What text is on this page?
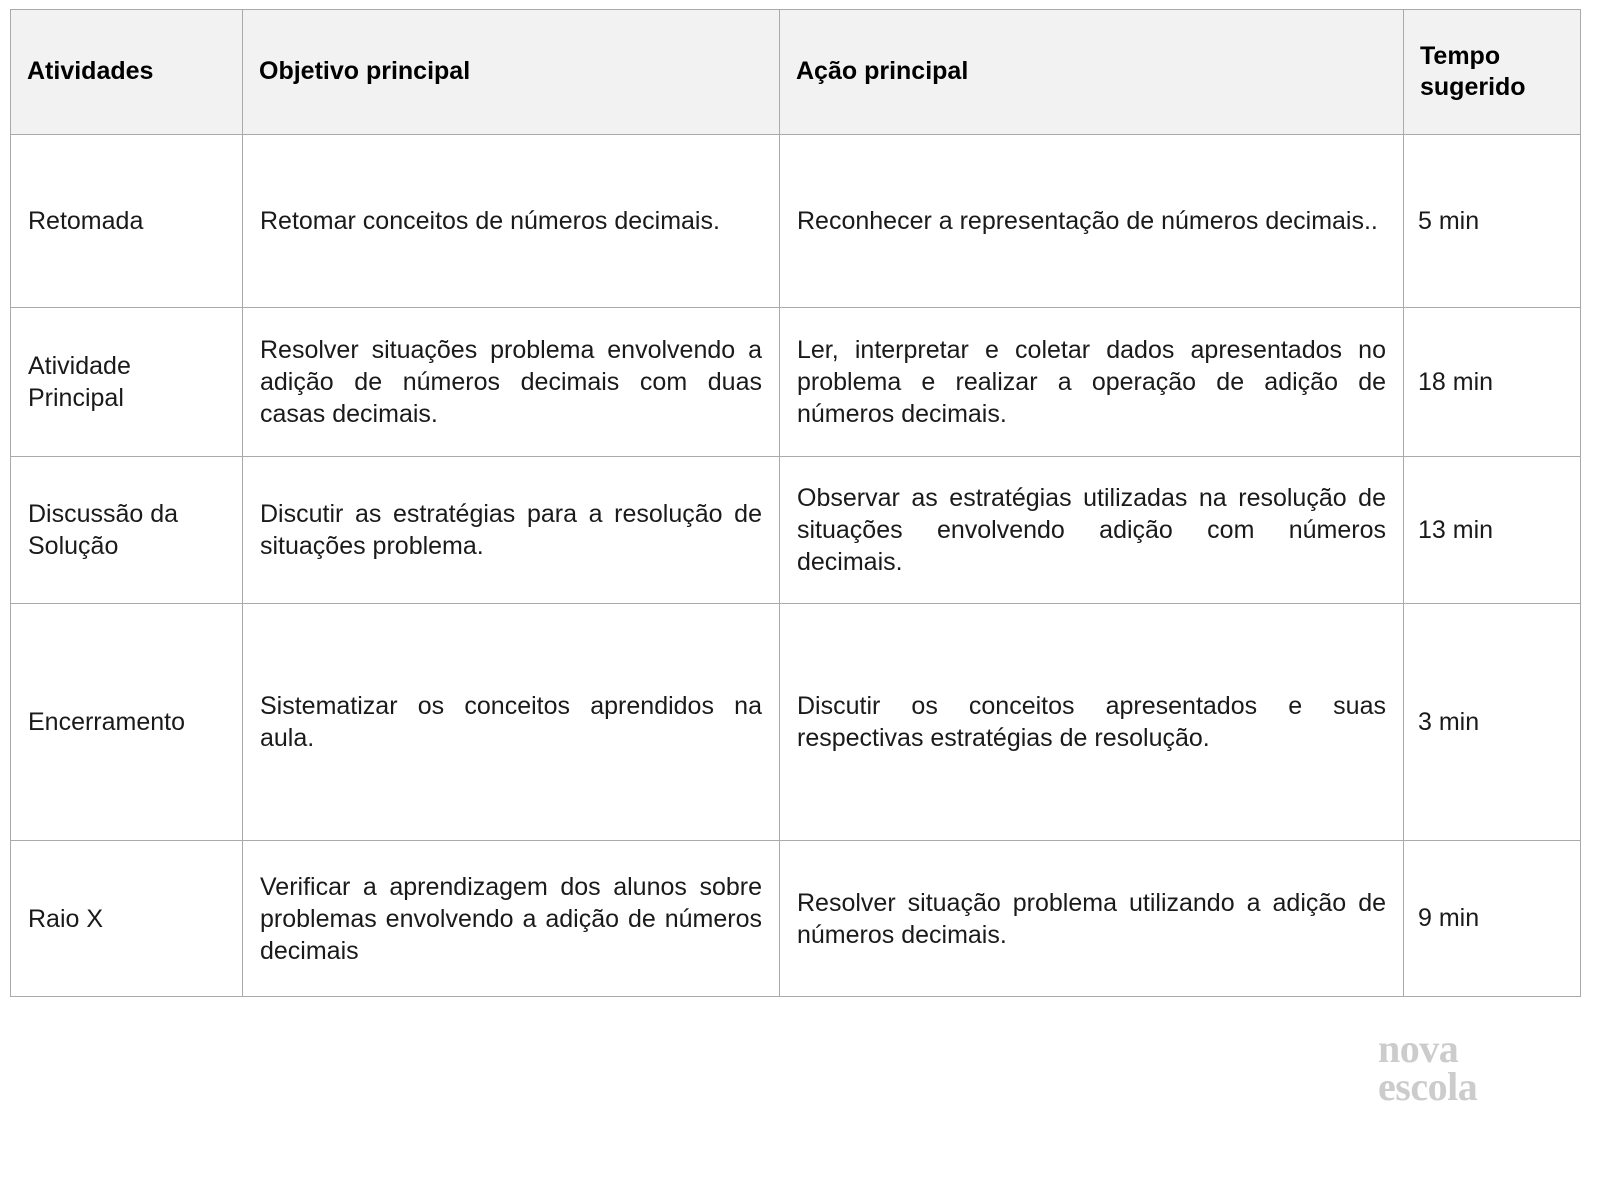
Atividades	Objetivo principal	Ação principal	Tempo sugerido

Retomada	Retomar conceitos de números decimais.	Reconhecer a representação de números decimais..	5 min

Atividade Principal	Resolver situações problema envolvendo a adição de números decimais com duas casas decimais.	Ler, interpretar e coletar dados apresentados no problema e realizar a operação de adição de números decimais.	18 min

Discussão da Solução	Discutir as estratégias para a resolução de situações problema.	Observar as estratégias utilizadas na resolução de situações envolvendo adição com números decimais.	13 min

Encerramento	Sistematizar os conceitos aprendidos na aula.	Discutir os conceitos apresentados e suas respectivas estratégias de resolução.	3 min

Raio X	Verificar a aprendizagem dos alunos sobre problemas envolvendo a adição de números decimais	Resolver situação problema utilizando a adição de números decimais.	9 min
nova
escola
